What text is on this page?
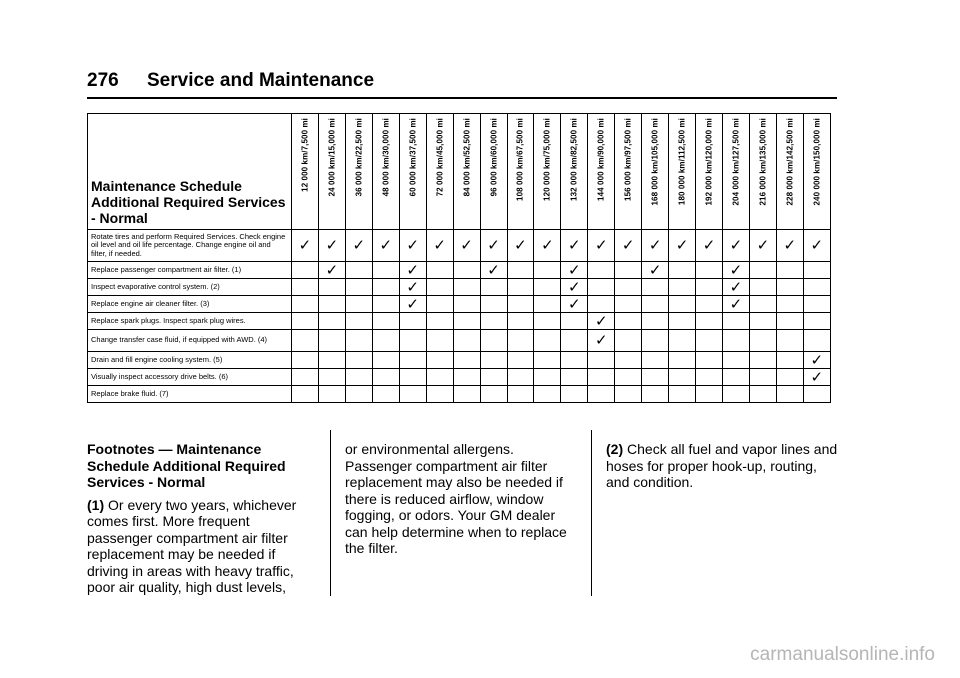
276 Service and Maintenance
Maintenance Schedule Additional Required Services - Normal	12 000 km/7,500 mi	24 000 km/15,000 mi	36 000 km/22,500 mi	48 000 km/30,000 mi	60 000 km/37,500 mi	72 000 km/45,000 mi	84 000 km/52,500 mi	96 000 km/60,000 mi	108 000 km/67,500 mi	120 000 km/75,000 mi	132 000 km/82,500 mi	144 000 km/90,000 mi	156 000 km/97,500 mi	168 000 km/105,000 mi	180 000 km/112,500 mi	192 000 km/120,000 mi	204 000 km/127,500 mi	216 000 km/135,000 mi	228 000 km/142,500 mi	240 000 km/150,000 mi

Rotate tires and perform Required Services. Check engine oil level and oil life percentage. Change engine oil and filter, if needed.	✓	✓	✓	✓	✓	✓	✓	✓	✓	✓	✓	✓	✓	✓	✓	✓	✓	✓	✓	✓
Replace passenger compartment air filter. (1)		✓			✓			✓			✓			✓			✓			
Inspect evaporative control system. (2)					✓						✓						✓			
Replace engine air cleaner filter. (3)					✓						✓						✓			
Replace spark plugs. Inspect spark plug wires.												✓								
Change transfer case fluid, if equipped with AWD. (4)												✓								
Drain and fill engine cooling system. (5)																				✓
Visually inspect accessory drive belts. (6)																				✓
Replace brake fluid. (7)																				
Footnotes — Maintenance Schedule Additional Required Services - Normal
(1) Or every two years, whichever comes first. More frequent passenger compartment air filter replacement may be needed if driving in areas with heavy traffic, poor air quality, high dust levels,
or environmental allergens. Passenger compartment air filter replacement may also be needed if there is reduced airflow, window fogging, or odors. Your GM dealer can help determine when to replace the filter.
(2) Check all fuel and vapor lines and hoses for proper hook-up, routing, and condition.
carmanualsonline.info
